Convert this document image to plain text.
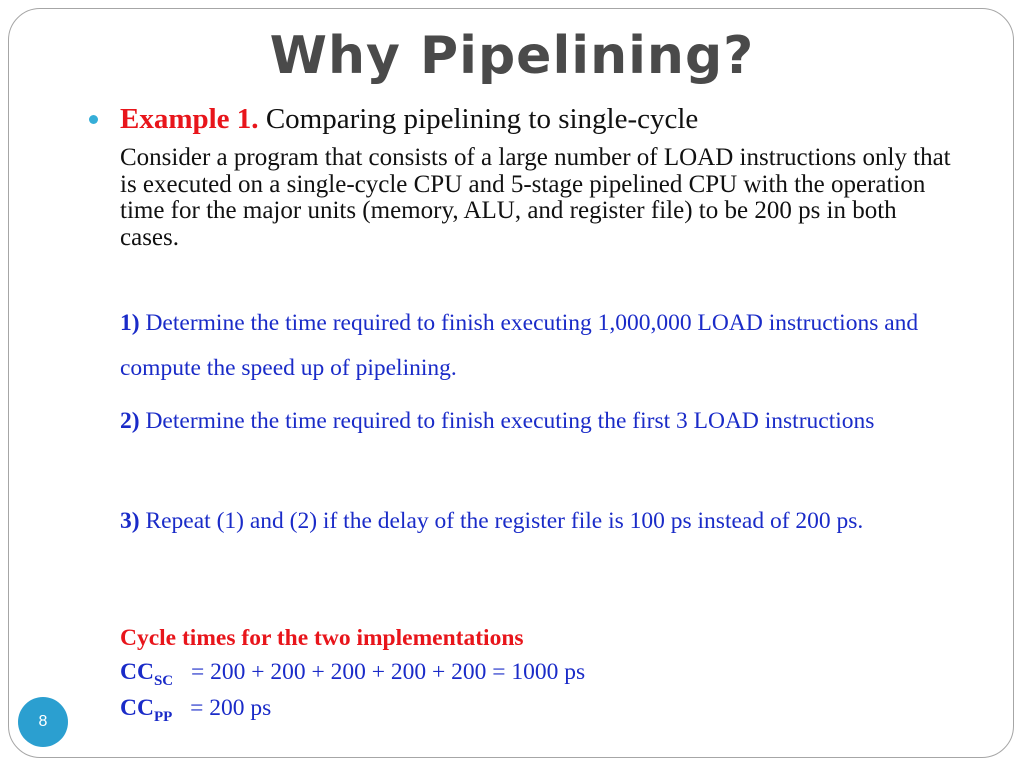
Why Pipelining?
Example 1. Comparing pipelining to single-cycle
Consider a program that consists of a large number of LOAD instructions only that is executed on a single-cycle CPU and 5-stage pipelined CPU with the operation time for the major units (memory, ALU, and register file) to be 200 ps in both cases.
1) Determine the time required to finish executing 1,000,000 LOAD instructions and compute the speed up of pipelining.
2) Determine the time required to finish executing the first 3 LOAD instructions
3) Repeat (1) and (2) if the delay of the register file is 100 ps instead of 200 ps.
Cycle times for the two implementations
$CC_{SC} = 200 + 200 + 200 + 200 + 200 = 1000$ ps
$CC_{PP} = 200$ ps
8
